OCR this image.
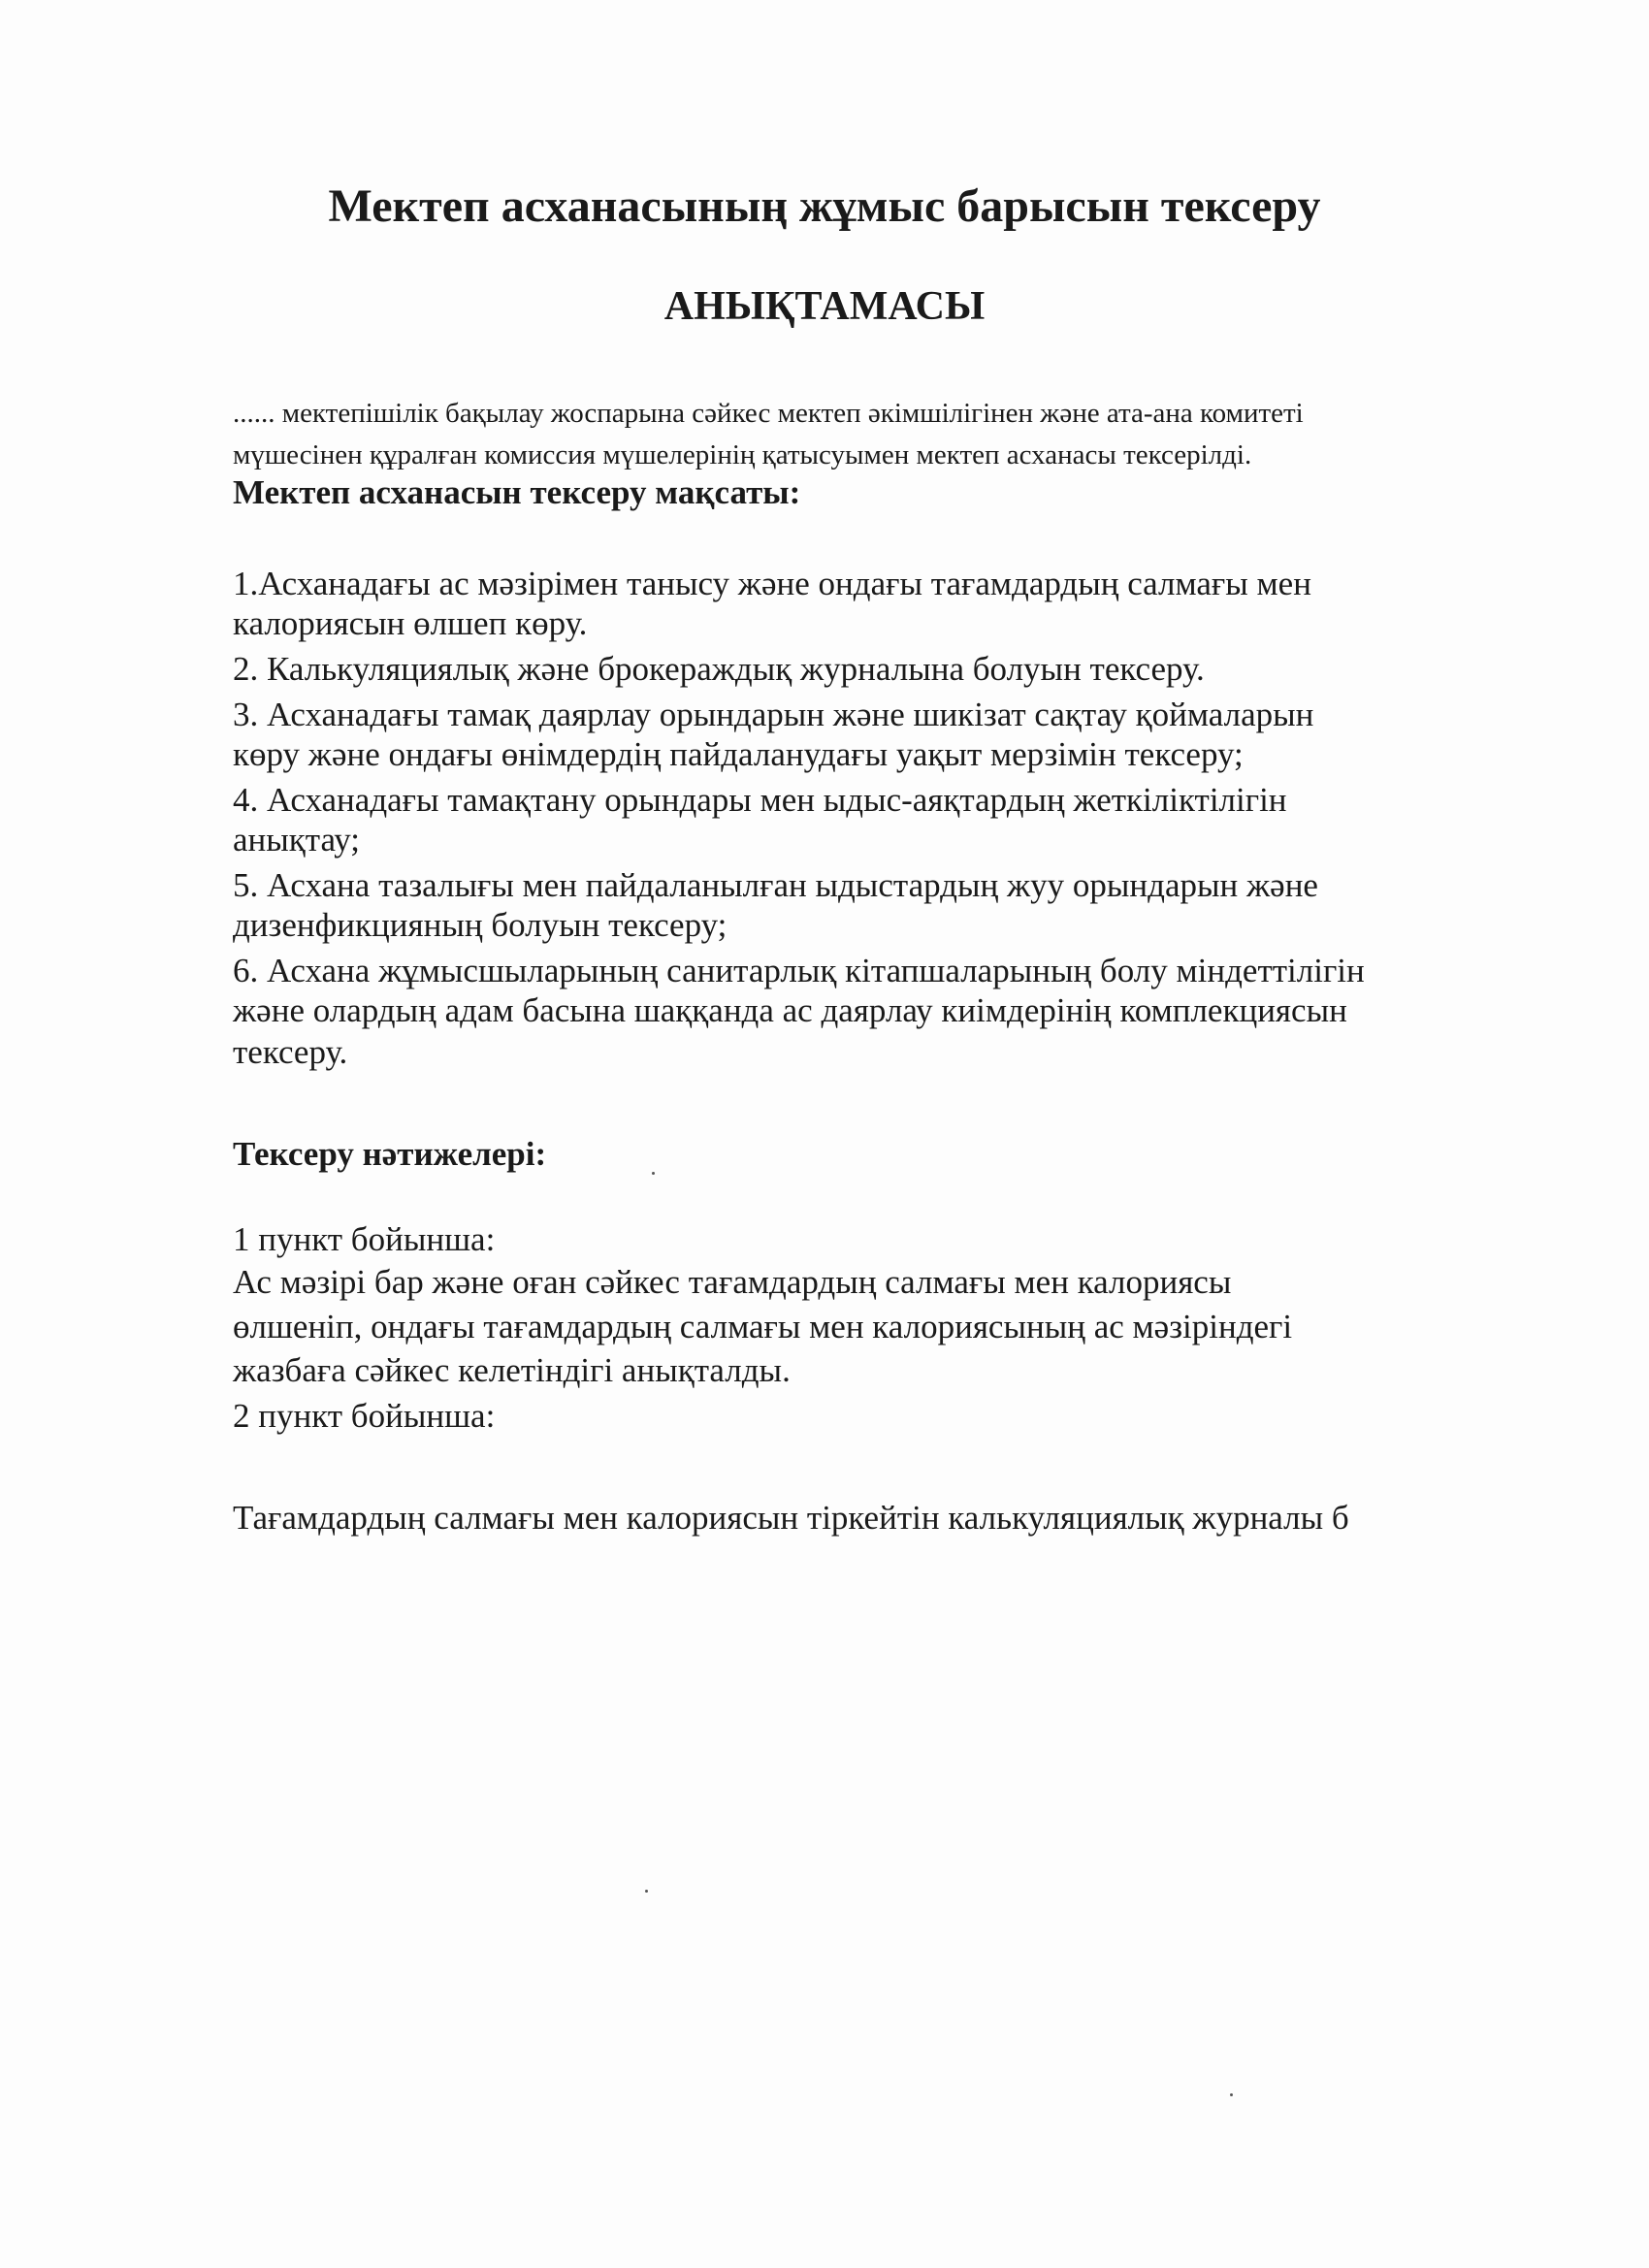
Мектеп асханасының жұмыс барысын тексеру
АНЫҚТАМАСЫ
...... мектепішілік бақылау жоспарына сәйкес мектеп әкімшілігінен және ата-ана комитеті
мүшесінен құралған комиссия мүшелерінің қатысуымен мектеп асханасы тексерілді.
Мектеп асханасын тексеру мақсаты:
1.Асханадағы ас мәзірімен танысу және ондағы тағамдардың салмағы мен
калориясын өлшеп көру.
2. Калькуляциялық және брокераждық журналына болуын тексеру.
3. Асханадағы тамақ даярлау орындарын және шикізат сақтау қоймаларын
көру және ондағы өнімдердің пайдаланудағы уақыт мерзімін тексеру;
4. Асханадағы тамақтану орындары мен ыдыс-аяқтардың жеткіліктілігін
анықтау;
5. Асхана тазалығы мен пайдаланылған ыдыстардың жуу орындарын және
дизенфикцияның болуын тексеру;
6. Асхана жұмысшыларының санитарлық кітапшаларының болу міндеттілігін
және олардың адам басына шаққанда ас даярлау киімдерінің комплекциясын
тексеру.
Тексеру нәтижелері:
1 пункт бойынша:
Ас мәзірі бар және оған сәйкес тағамдардың салмағы мен калориясы
өлшеніп, ондағы тағамдардың салмағы мен калориясының ас мәзіріндегі
жазбаға сәйкес келетіндігі анықталды.
2 пункт бойынша:
Тағамдардың салмағы мен калориясын тіркейтін калькуляциялық журналы б
